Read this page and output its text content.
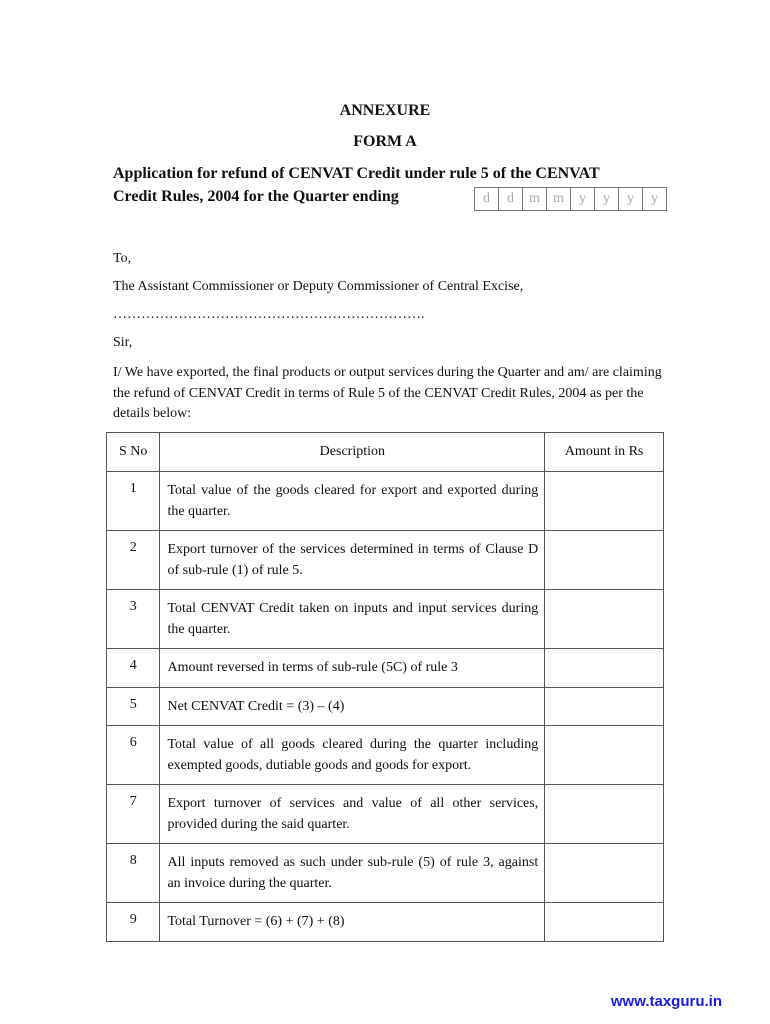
ANNEXURE
FORM A
Application for refund of CENVAT Credit under rule 5 of the CENVAT
Credit Rules, 2004 for the Quarter ending	d	d	m m	y	y	y	y
To,
The Assistant Commissioner or Deputy Commissioner of Central Excise,
………………………………………………………….
Sir,
I/ We have exported, the final products or output services during the Quarter and am/ are claiming the refund of CENVAT Credit in terms of Rule 5 of the CENVAT Credit Rules, 2004 as per the details below:
S No	Description	Amount in Rs
1	Total value of the goods cleared for export and exported during the quarter.	
2	Export turnover of the services determined in terms of Clause D of sub-rule (1) of rule 5.	
3	Total CENVAT Credit taken on inputs and input services during the quarter.	
4	Amount reversed in terms of sub-rule (5C) of rule 3	
5	Net CENVAT Credit = (3) – (4)	
6	Total value of all goods cleared during the quarter including exempted goods, dutiable goods and goods for export.	
7	Export turnover of services and value of all other services, provided during the said quarter.	
8	All inputs removed as such under sub-rule (5) of rule 3, against an invoice during the quarter.	
9	Total Turnover = (6) + (7) + (8)	
www.taxguru.in
